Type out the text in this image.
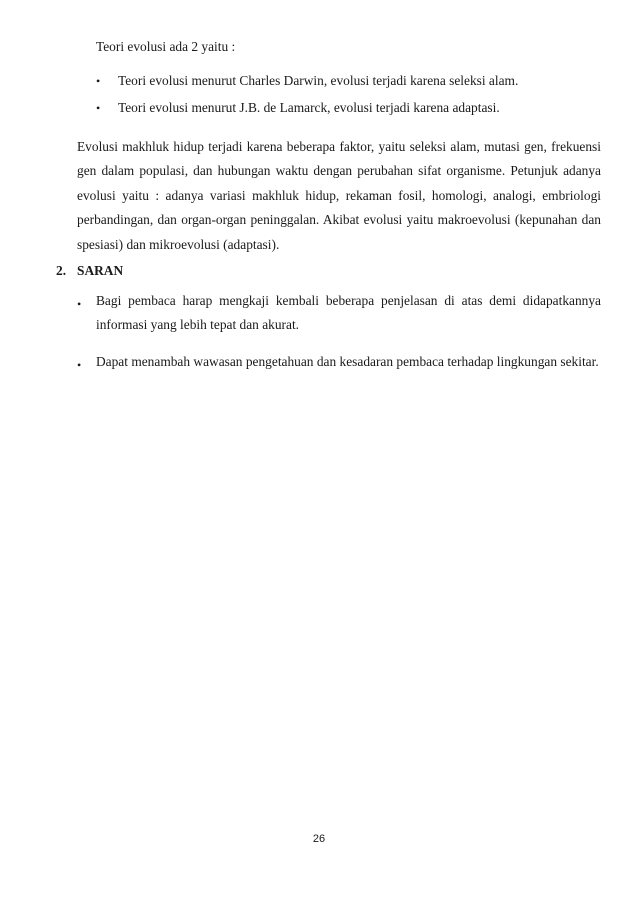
Teori evolusi ada 2 yaitu :
• Teori evolusi menurut Charles Darwin, evolusi terjadi karena seleksi alam.
• Teori evolusi menurut J.B. de Lamarck, evolusi terjadi karena adaptasi.

Evolusi makhluk hidup terjadi karena beberapa faktor, yaitu seleksi alam, mutasi gen, frekuensi gen dalam populasi, dan hubungan waktu dengan perubahan sifat organisme. Petunjuk adanya evolusi yaitu : adanya variasi makhluk hidup, rekaman fosil, homologi, analogi, embriologi perbandingan, dan organ-organ peninggalan. Akibat evolusi yaitu makroevolusi (kepunahan dan spesiasi) dan mikroevolusi (adaptasi).

2. SARAN
• Bagi pembaca harap mengkaji kembali beberapa penjelasan di atas demi didapatkannya informasi yang lebih tepat dan akurat.
• Dapat menambah wawasan pengetahuan dan kesadaran pembaca terhadap lingkungan sekitar.
26
